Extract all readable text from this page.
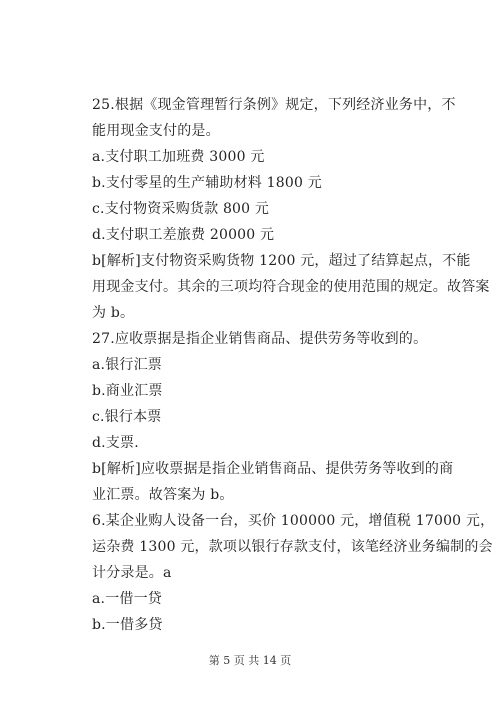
25.根据《现金管理暂行条例》规定，下列经济业务中，不
能用现金支付的是。
a.支付职工加班费 3000 元
b.支付零星的生产辅助材料 1800 元
c.支付物资采购货款 800 元
d.支付职工差旅费 20000 元
b[解析]支付物资采购货物 1200 元，超过了结算起点，不能
用现金支付。其余的三项均符合现金的使用范围的规定。故答案
为 b。
27.应收票据是指企业销售商品、提供劳务等收到的。
a.银行汇票
b.商业汇票
c.银行本票
d.支票.
b[解析]应收票据是指企业销售商品、提供劳务等收到的商
业汇票。故答案为 b。
6.某企业购人设备一台，买价 100000 元，增值税 17000 元，
运杂费 1300 元，款项以银行存款支付，该笔经济业务编制的会
计分录是。a
a.一借一贷
b.一借多贷
第 5 页 共 14 页
